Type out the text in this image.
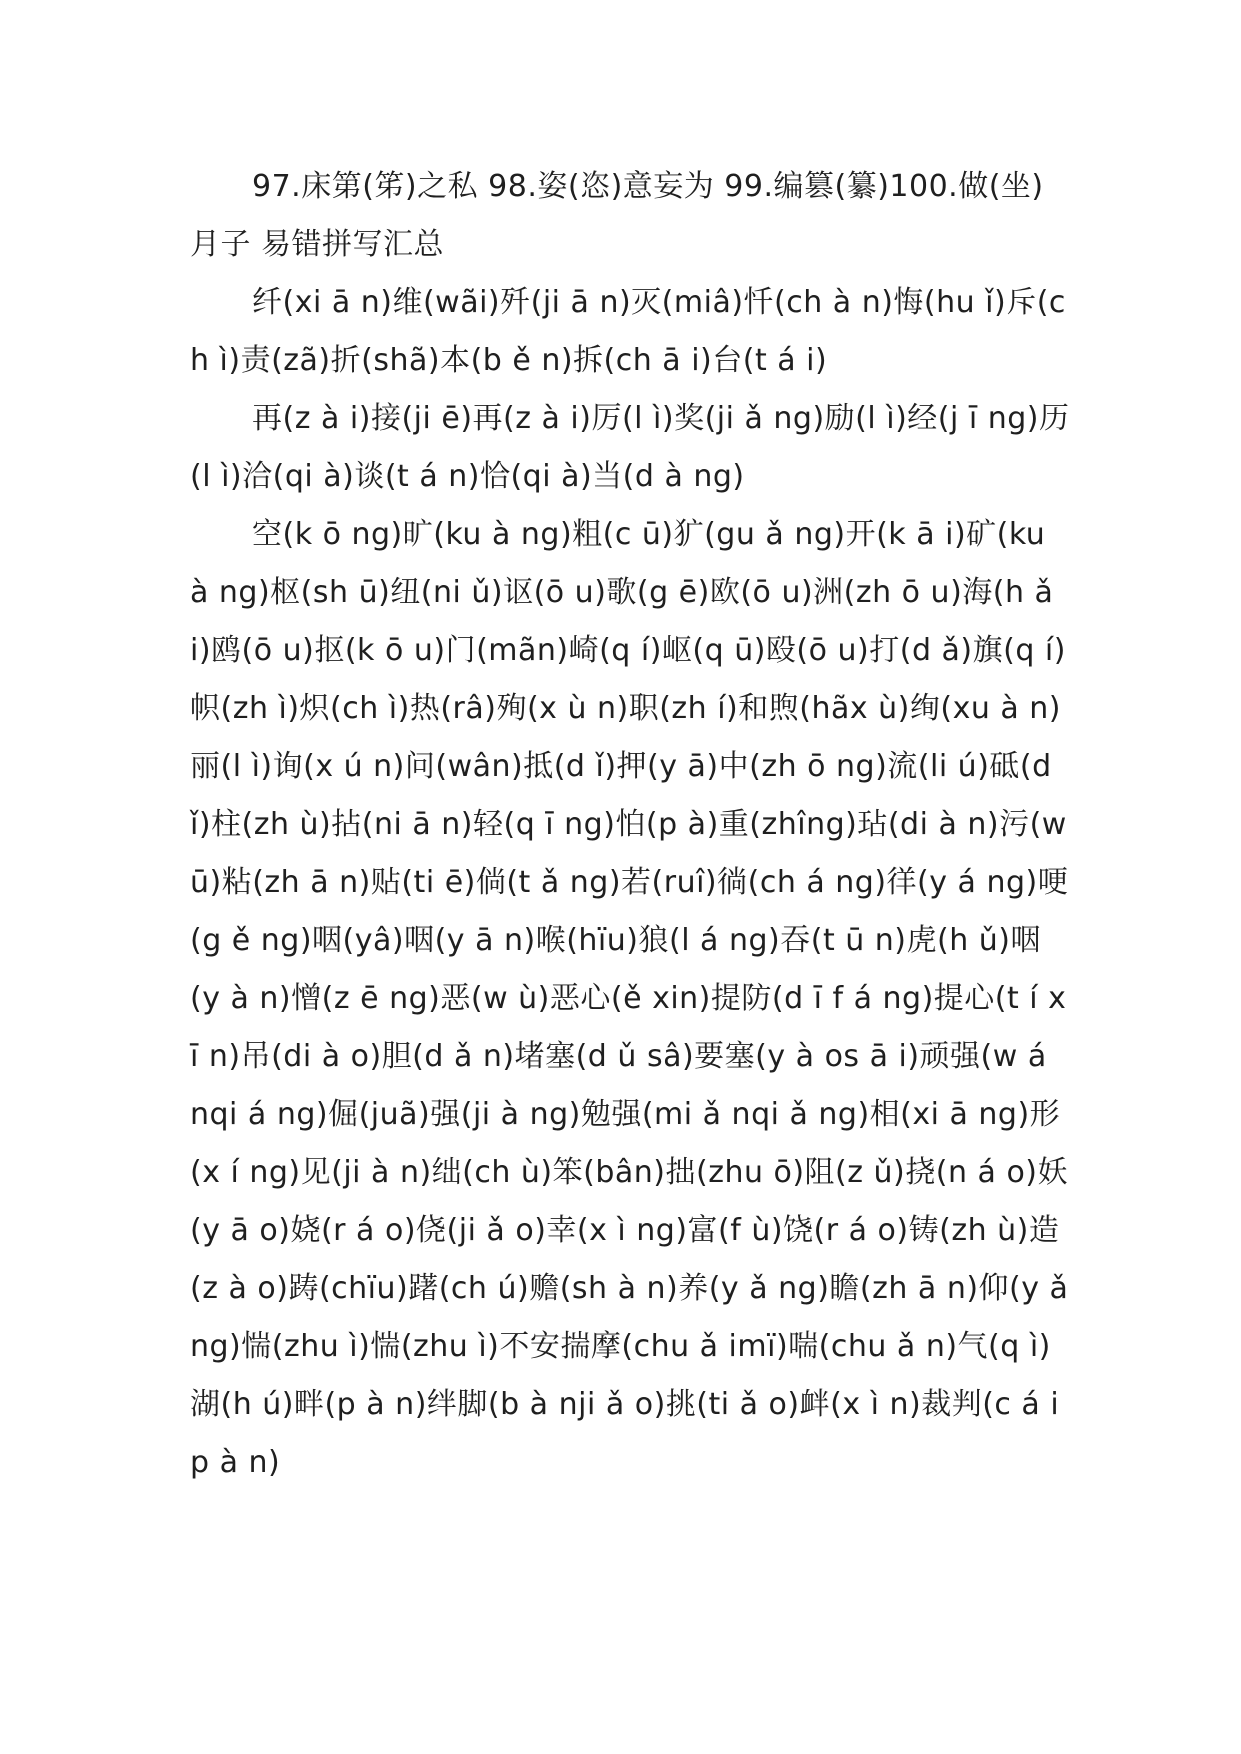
97.床第(笫)之私 98.姿(恣)意妄为 99.编篡(纂)100.做(坐)月子 易错拼写汇总

纤(xi ā n)维(wãi)歼(ji ā n)灭(miâ)忏(ch à n)悔(hu ǐ)斥(ch ì)责(zã)折(shã)本(b ě n)拆(ch ā i)台(t á i)

再(z à i)接(ji ē)再(z à i)厉(l ì)奖(ji ǎ ng)励(l ì)经(j ī ng)历(l ì)洽(qi à)谈(t á n)恰(qi à)当(d à ng)

空(k ō ng)旷(ku à ng)粗(c ū)犷(gu ǎ ng)开(k ā i)矿(ku à ng)枢(sh ū)纽(ni ǔ)讴(ō u)歌(g ē)欧(ō u)洲(zh ō u)海(h ǎ i)鸥(ō u)抠(k ō u)门(mãn)崎(q í)岖(q ū)殴(ō u)打(d ǎ)旗(q í)帜(zh ì)炽(ch ì)热(râ)殉(x ù n)职(zh í)和煦(hãx ù)绚(xu à n)丽(l ì)询(x ú n)问(wân)抵(d ǐ)押(y ā)中(zh ō ng)流(li ú)砥(d ǐ)柱(zh ù)拈(ni ā n)轻(q ī ng)怕(p à)重(zhîng)玷(di à n)污(w ū)粘(zh ā n)贴(ti ē)倘(t ǎ ng)若(ruî)徜(ch á ng)徉(y á ng)哽(g ě ng)咽(yâ)咽(y ā n)喉(hïu)狼(l á ng)吞(t ū n)虎(h ǔ)咽(y à n)憎(z ē ng)恶(w ù)恶心(ě xin)提防(d ī f á ng)提心(t í x ī n)吊(di à o)胆(d ǎ n)堵塞(d ǔ sâ)要塞(y à os ā i)顽强(w á nqi á ng)倔(juã)强(ji à ng)勉强(mi ǎ nqi ǎ ng)相(xi ā ng)形(x í ng)见(ji à n)绌(ch ù)笨(bân)拙(zhu ō)阻(z ǔ)挠(n á o)妖(y ā o)娆(r á o)侥(ji ǎ o)幸(x ì ng)富(f ù)饶(r á o)铸(zh ù)造(z à o)踌(chïu)躇(ch ú)赡(sh à n)养(y ǎ ng)瞻(zh ā n)仰(y ǎ ng)惴(zhu ì)惴(zhu ì)不安揣摩(chu ǎ imï)喘(chu ǎ n)气(q ì)湖(h ú)畔(p à n)绊脚(b à nji ǎ o)挑(ti ǎ o)衅(x ì n)裁判(c á ip à n)
